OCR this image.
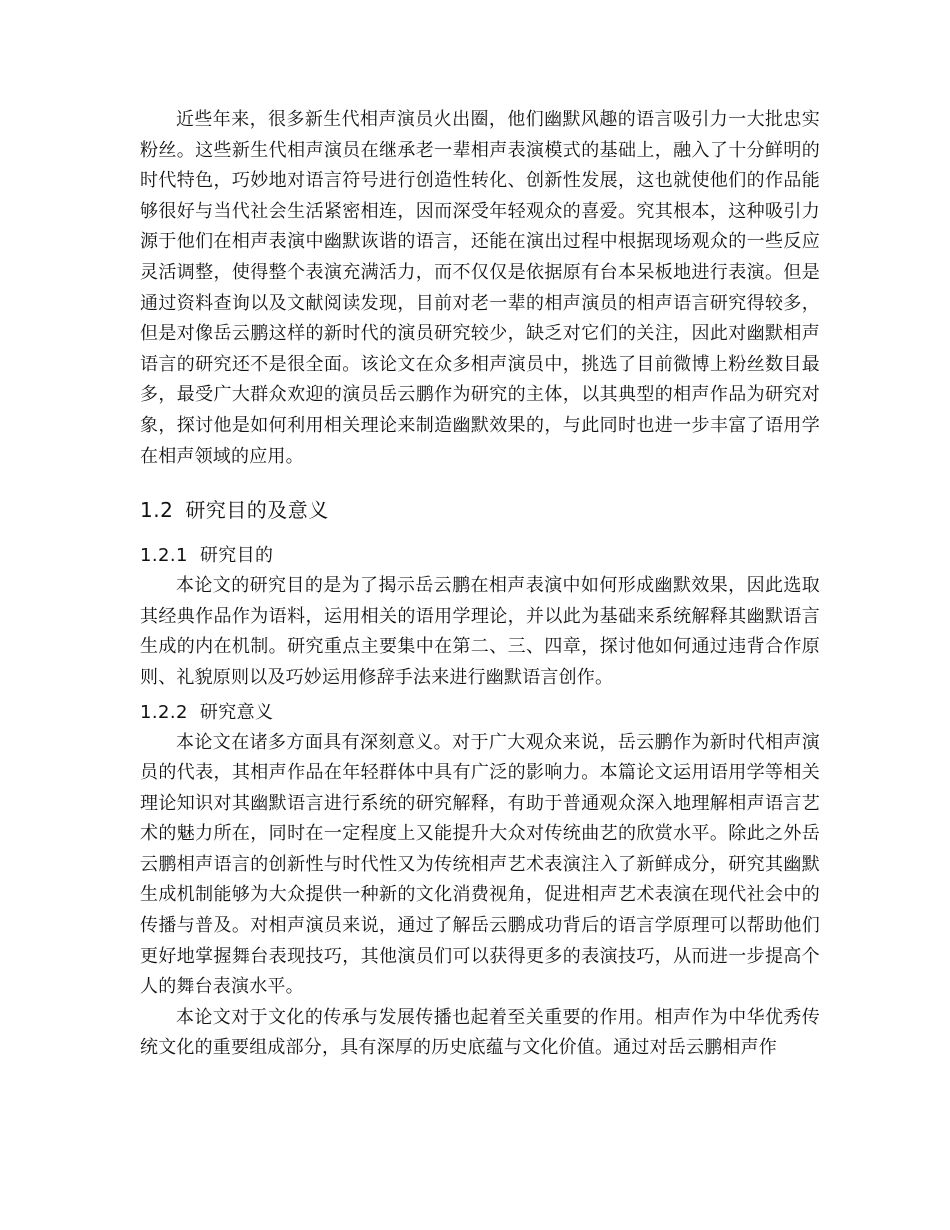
近些年来，很多新生代相声演员火出圈，他们幽默风趣的语言吸引力一大批忠实粉丝。这些新生代相声演员在继承老一辈相声表演模式的基础上，融入了十分鲜明的时代特色，巧妙地对语言符号进行创造性转化、创新性发展，这也就使他们的作品能够很好与当代社会生活紧密相连，因而深受年轻观众的喜爱。究其根本，这种吸引力源于他们在相声表演中幽默诙谐的语言，还能在演出过程中根据现场观众的一些反应灵活调整，使得整个表演充满活力，而不仅仅是依据原有台本呆板地进行表演。但是通过资料查询以及文献阅读发现，目前对老一辈的相声演员的相声语言研究得较多，但是对像岳云鹏这样的新时代的演员研究较少，缺乏对它们的关注，因此对幽默相声语言的研究还不是很全面。该论文在众多相声演员中，挑选了目前微博上粉丝数目最多，最受广大群众欢迎的演员岳云鹏作为研究的主体，以其典型的相声作品为研究对象，探讨他是如何利用相关理论来制造幽默效果的，与此同时也进一步丰富了语用学在相声领域的应用。

1.2 研究目的及意义
1.2.1 研究目的

本论文的研究目的是为了揭示岳云鹏在相声表演中如何形成幽默效果，因此选取其经典作品作为语料，运用相关的语用学理论，并以此为基础来系统解释其幽默语言生成的内在机制。研究重点主要集中在第二、三、四章，探讨他如何通过违背合作原则、礼貌原则以及巧妙运用修辞手法来进行幽默语言创作。

1.2.2 研究意义

本论文在诸多方面具有深刻意义。对于广大观众来说，岳云鹏作为新时代相声演员的代表，其相声作品在年轻群体中具有广泛的影响力。本篇论文运用语用学等相关理论知识对其幽默语言进行系统的研究解释，有助于普通观众深入地理解相声语言艺术的魅力所在，同时在一定程度上又能提升大众对传统曲艺的欣赏水平。除此之外岳云鹏相声语言的创新性与时代性又为传统相声艺术表演注入了新鲜成分，研究其幽默生成机制能够为大众提供一种新的文化消费视角，促进相声艺术表演在现代社会中的传播与普及。对相声演员来说，通过了解岳云鹏成功背后的语言学原理可以帮助他们更好地掌握舞台表现技巧，其他演员们可以获得更多的表演技巧，从而进一步提高个人的舞台表演水平。

本论文对于文化的传承与发展传播也起着至关重要的作用。相声作为中华优秀传统文化的重要组成部分，具有深厚的历史底蕴与文化价值。通过对岳云鹏相声作
